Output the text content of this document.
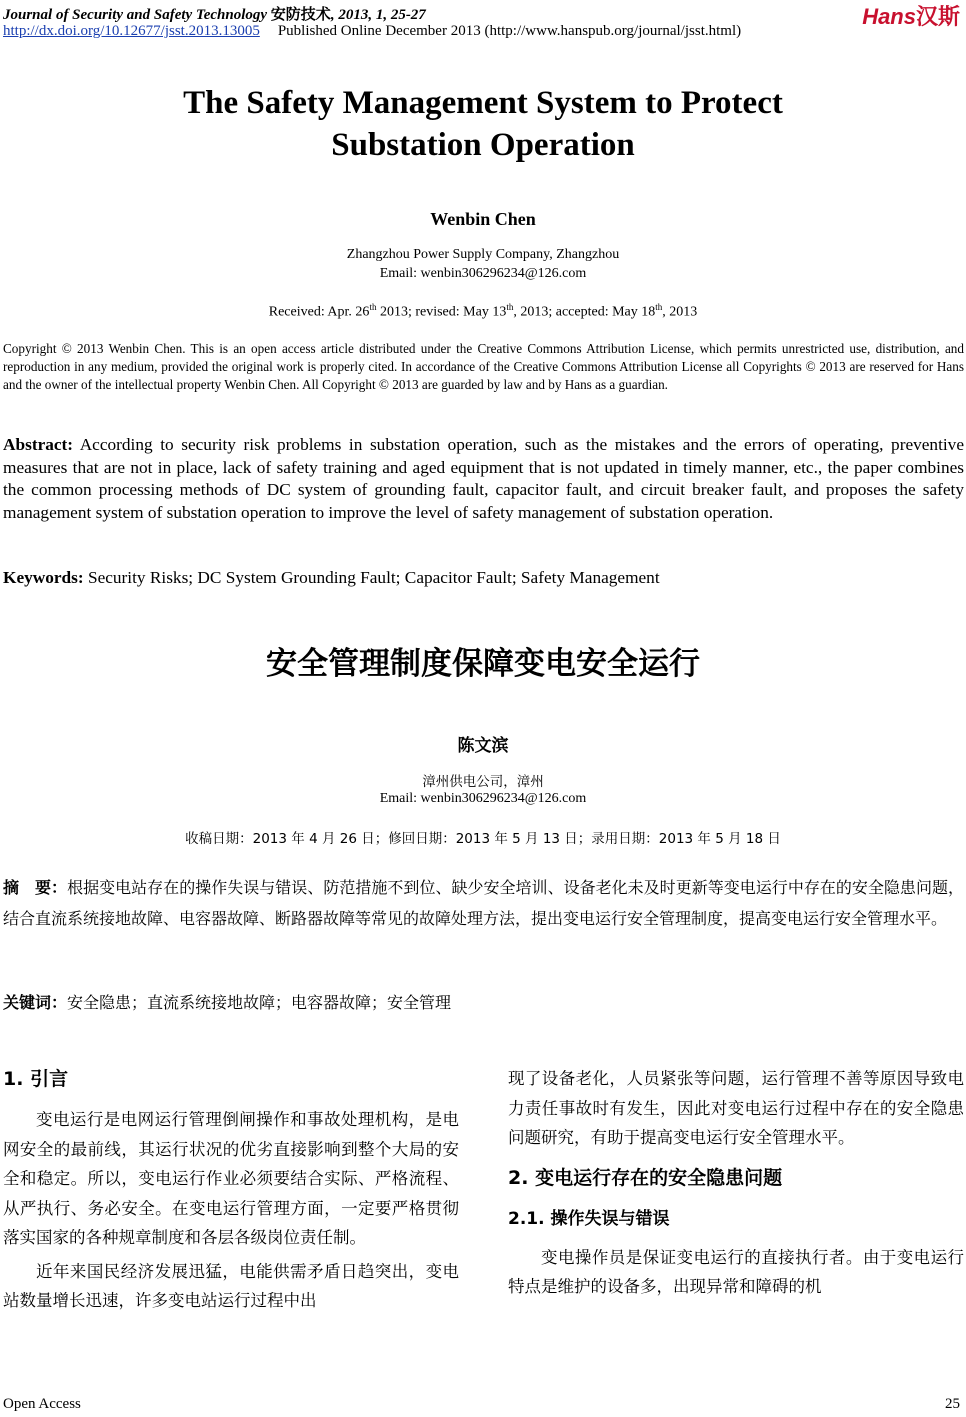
Journal of Security and Safety Technology 安防技术, 2013, 1, 25-27
http://dx.doi.org/10.12677/jsst.2013.13005 Published Online December 2013 (http://www.hanspub.org/journal/jsst.html)
Hans汉斯
The Safety Management System to Protect
Substation Operation
Wenbin Chen
Zhangzhou Power Supply Company, Zhangzhou
Email: wenbin306296234@126.com
Received: Apr. 26th 2013; revised: May 13th, 2013; accepted: May 18th, 2013
Copyright © 2013 Wenbin Chen. This is an open access article distributed under the Creative Commons Attribution License, which permits unrestricted use, distribution, and reproduction in any medium, provided the original work is properly cited. In accordance of the Creative Commons Attribution License all Copyrights © 2013 are reserved for Hans and the owner of the intellectual property Wenbin Chen. All Copyright © 2013 are guarded by law and by Hans as a guardian.
Abstract: According to security risk problems in substation operation, such as the mistakes and the errors of operating, preventive measures that are not in place, lack of safety training and aged equipment that is not updated in timely manner, etc., the paper combines the common processing methods of DC system of grounding fault, capacitor fault, and circuit breaker fault, and proposes the safety management system of substation operation to improve the level of safety management of substation operation.
Keywords: Security Risks; DC System Grounding Fault; Capacitor Fault; Safety Management
安全管理制度保障变电安全运行
陈文滨
漳州供电公司，漳州
Email: wenbin306296234@126.com
收稿日期：2013 年 4 月 26 日；修回日期：2013 年 5 月 13 日；录用日期：2013 年 5 月 18 日
摘　要：根据变电站存在的操作失误与错误、防范措施不到位、缺少安全培训、设备老化未及时更新等变电运行中存在的安全隐患问题，结合直流系统接地故障、电容器故障、断路器故障等常见的故障处理方法，提出变电运行安全管理制度，提高变电运行安全管理水平。
关键词：安全隐患；直流系统接地故障；电容器故障；安全管理

1. 引言

变电运行是电网运行管理倒闸操作和事故处理机构，是电网安全的最前线，其运行状况的优劣直接影响到整个大局的安全和稳定。所以，变电运行作业必须要结合实际、严格流程、从严执行、务必安全。在变电运行管理方面，一定要严格贯彻落实国家的各种规章制度和各层各级岗位责任制。

近年来国民经济发展迅猛，电能供需矛盾日趋突出，变电站数量增长迅速，许多变电站运行过程中出

现了设备老化，人员紧张等问题，运行管理不善等原因导致电力责任事故时有发生，因此对变电运行过程中存在的安全隐患问题研究，有助于提高变电运行安全管理水平。

2. 变电运行存在的安全隐患问题

2.1. 操作失误与错误

变电操作员是保证变电运行的直接执行者。由于变电运行特点是维护的设备多，出现异常和障碍的机

Open Access	25
